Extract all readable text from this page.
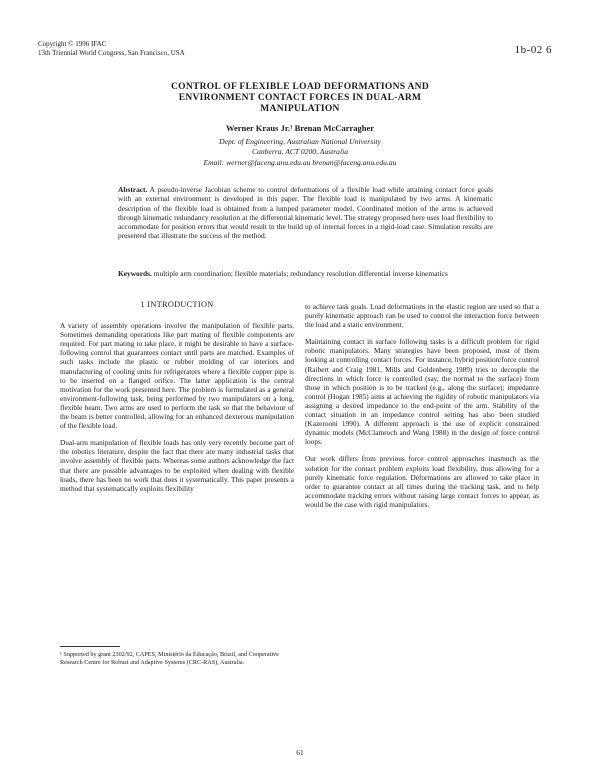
Copyright © 1996 IFAC
13th Triennial World Congress, San Francisco, USA	1b-02 6
CONTROL OF FLEXIBLE LOAD DEFORMATIONS AND
ENVIRONMENT CONTACT FORCES IN DUAL-ARM
MANIPULATION
Werner Kraus Jr.¹ Brenan McCarragher
Dept. of Engineering, Australian National University
Canberra, ACT 0200, Australia
Email: werner@faceng.anu.edu.au brenan@faceng.anu.edu.au
Abstract. A pseudo-inverse Jacobian scheme to control deformations of a flexible load while attaining contact force goals with an external environment is developed in this paper. The flexible load is manipulated by two arms. A kinematic description of the flexible load is obtained from a lumped parameter model. Coordinated motion of the arms is achieved through kinematic redundancy resolution at the differential kinematic level. The strategy proposed here uses load flexibility to accommodate for position errors that would result in the build up of internal forces in a rigid-load case. Simulation results are presented that illustrate the success of the method.
Keywords. multiple arm coordination; flexible materials; redundancy resolution differential inverse kinematics
1 INTRODUCTION

A variety of assembly operations involve the manipulation of flexible parts. Sometimes demanding operations like part mating of flexible components are required. For part mating to take place, it might be desirable to have a surface-following control that guarantees contact until parts are matched. Examples of such tasks include the plastic or rubber molding of car interiors and manufacturing of cooling units for refrigerators where a flexible copper pipe is to be inserted on a flanged orifice. The latter application is the central motivation for the work presented here. The problem is formulated as a general environment-following task, being performed by two manipulators on a long, flexible beam. Two arms are used to perform the task so that the behaviour of the beam is better controlled, allowing for an enhanced dexterous manipulation of the flexible load.

Dual-arm manipulation of flexible loads has only very recently become part of the robotics literature, despite the fact that there are many industrial tasks that involve assembly of flexible parts. Whereas some authors acknowledge the fact that there are possible advantages to be exploited when dealing with flexible loads, there has been no work that does it systematically. This paper presents a method that systematically exploits flexibility

to achieve task goals. Load deformations in the elastic region are used so that a purely kinematic approach can be used to control the interaction force between the load and a static environment.

Maintaining contact in surface following tasks is a difficult problem for rigid robotic manipulators. Many strategies have been proposed, most of them looking at controlling contact forces. For instance, hybrid position/force control (Raibert and Craig 1981, Mills and Goldenberg 1989) tries to decouple the directions in which force is controlled (say, the normal to the surface) from those in which position is to be tracked (e.g., along the surface); impedance control (Hogan 1985) aims at achieving the rigidity of robotic manipulators via assigning a desired impedance to the end-point of the arm. Stability of the contact situation in an impedance control setting has also been studied (Kazerooni 1990). A different approach is the use of explicit constrained dynamic models (McClamroch and Wang 1988) in the design of force control loops.

Our work differs from previous force control approaches inasmuch as the solution for the contact problem exploits load flexibility, thus allowing for a purely kinematic force regulation. Deformations are allowed to take place in order to guarantee contact at all times during the tracking task, and to help accommodate tracking errors without raising large contact forces to appear, as would be the case with rigid manipulators.

¹ Supported by grant 2302/92, CAPES, Ministério da Educação, Brazil, and Cooperative Research Centre for Robust and Adaptive Systems (CRC-RAS), Australia.
61
